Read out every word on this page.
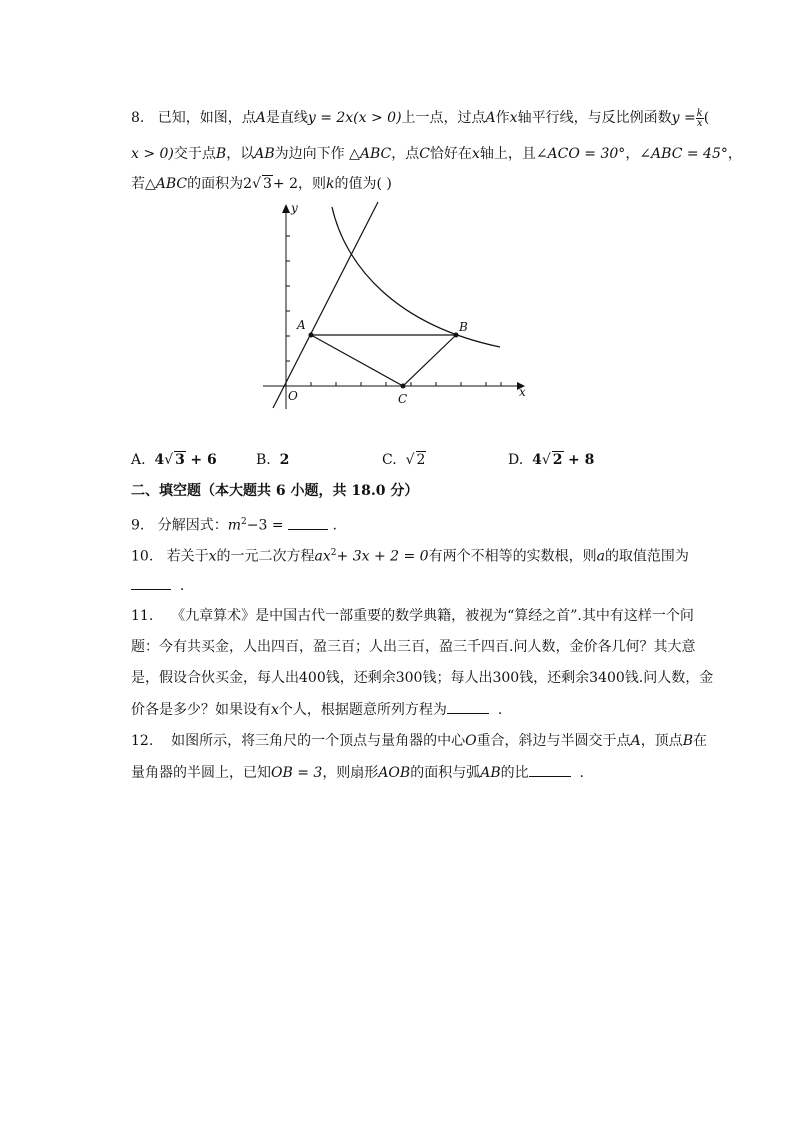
8. 已知，如图，点A是直线y = 2x(x > 0)上一点，过点A作x轴平行线，与反比例函数$y = \frac{k}{x}$ (
x > 0)交于点B，以AB为边向下作 △ABC，点C恰好在x轴上，且∠ACO = 30°，∠ABC = 45°，
若△ABC的面积为2√ 3+ 2，则k的值为( )
y
x
O
A	B
C
A. 4√ 3 + 6	B. 2	C.  √ 2	D. 4√ 2 + 8
二、填空题（本大题共 6 小题，共 18.0 分）
9. 分解因式：$m^2-3$ =	.
10. 若关于x的一元二次方程$ax^2+ 3x + 2 = 0$有两个不相等的实数根，则a的取值范围为
.
11. 《九章算术》是中国古代一部重要的数学典籍，被视为“算经之首”.其中有这样一个问
题：今有共买金，人出四百，盈三百；人出三百，盈三千四百.问人数，金价各几何？其大意
是，假设合伙买金，每人出400钱，还剩余300钱；每人出300钱，还剩余3400钱.问人数，金
价各是多少？如果设有x个人，根据题意所列方程为	.
12. 如图所示，将三角尺的一个顶点与量角器的中心O重合，斜边与半圆交于点A，顶点B在
量角器的半圆上，已知OB = 3，则扇形AOB的面积与弧AB的比	.
